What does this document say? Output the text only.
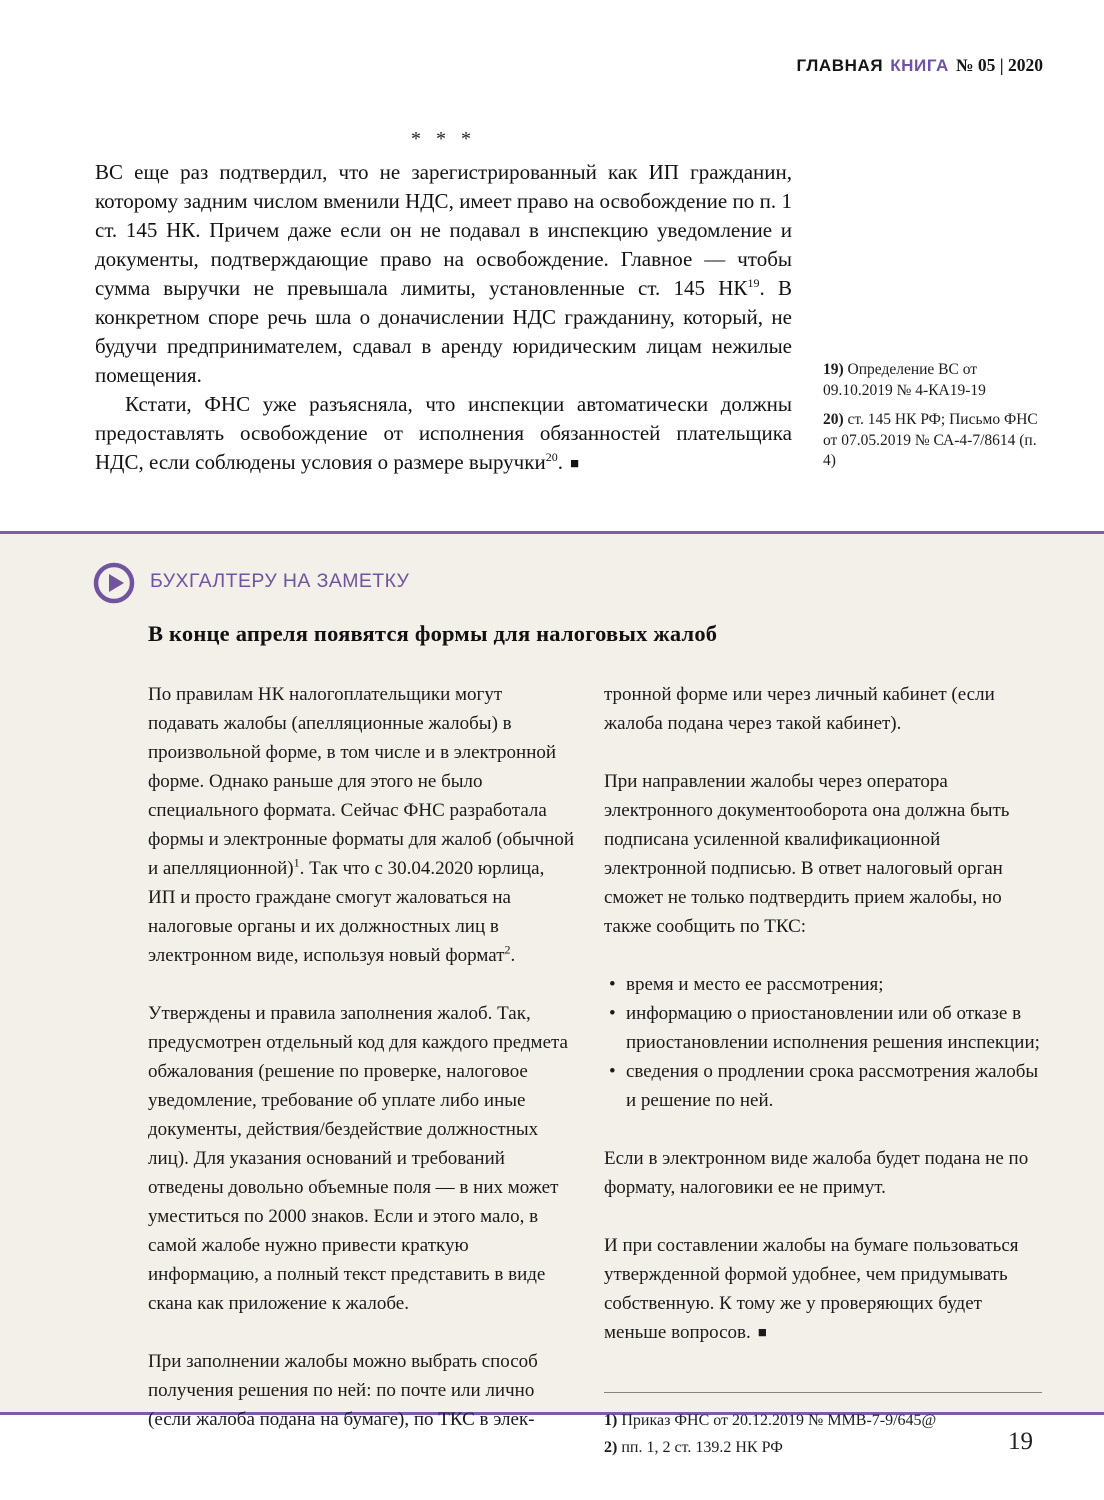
ГЛАВНАЯ КНИГА № 05 | 2020
* * *

ВС еще раз подтвердил, что не зарегистрированный как ИП гражданин, которому задним числом вменили НДС, имеет право на освобождение по п. 1 ст. 145 НК. Причем даже если он не подавал в инспекцию уведомление и документы, подтверждающие право на освобождение. Главное — чтобы сумма выручки не превышала лимиты, установленные ст. 145 НК$^{19}$. В конкретном споре речь шла о доначислении НДС гражданину, который, не будучи предпринимателем, сдавал в аренду юридическим лицам нежилые помещения.

Кстати, ФНС уже разъясняла, что инспекции автоматически должны предоставлять освобождение от исполнения обязанностей плательщика НДС, если соблюдены условия о размере выручки$^{20}$. ■

19) Определение ВС от 09.10.2019 № 4-КА19-19
20) ст. 145 НК РФ; Письмо ФНС от 07.05.2019 № СА-4-7/8614 (п. 4)
БУХГАЛТЕРУ НА ЗАМЕТКУ
В конце апреля появятся формы для налоговых жалоб

По правилам НК налогоплательщики могут подавать жалобы (апелляционные жалобы) в произвольной форме, в том числе и в электронной форме. Однако раньше для этого не было специального формата. Сейчас ФНС разработала формы и электронные форматы для жалоб (обычной и апелляционной)$^1$. Так что с 30.04.2020 юрлица, ИП и просто граждане смогут жаловаться на налоговые органы и их должностных лиц в электронном виде, используя новый формат$^2$.

Утверждены и правила заполнения жалоб. Так, предусмотрен отдельный код для каждого предмета обжалования (решение по проверке, налоговое уведомление, требование об уплате либо иные документы, действия/бездействие должностных лиц). Для указания оснований и требований отведены довольно объемные поля — в них может уместиться по 2000 знаков. Если и этого мало, в самой жалобе нужно привести краткую информацию, а полный текст представить в виде скана как приложение к жалобе.

При заполнении жалобы можно выбрать способ получения решения по ней: по почте или лично (если жалоба подана на бумаге), по ТКС в элек-

тронной форме или через личный кабинет (если жалоба подана через такой кабинет).

При направлении жалобы через оператора электронного документооборота она должна быть подписана усиленной квалификационной электронной подписью. В ответ налоговый орган сможет не только подтвердить прием жалобы, но также сообщить по ТКС:

• время и место ее рассмотрения;
• информацию о приостановлении или об отказе в приостановлении исполнения решения инспекции;
• сведения о продлении срока рассмотрения жалобы и решение по ней.

Если в электронном виде жалоба будет подана не по формату, налоговики ее не примут.

И при составлении жалобы на бумаге пользоваться утвержденной формой удобнее, чем придумывать собственную. К тому же у проверяющих будет меньше вопросов. ■

1) Приказ ФНС от 20.12.2019 № ММВ-7-9/645@
2) пп. 1, 2 ст. 139.2 НК РФ	19
